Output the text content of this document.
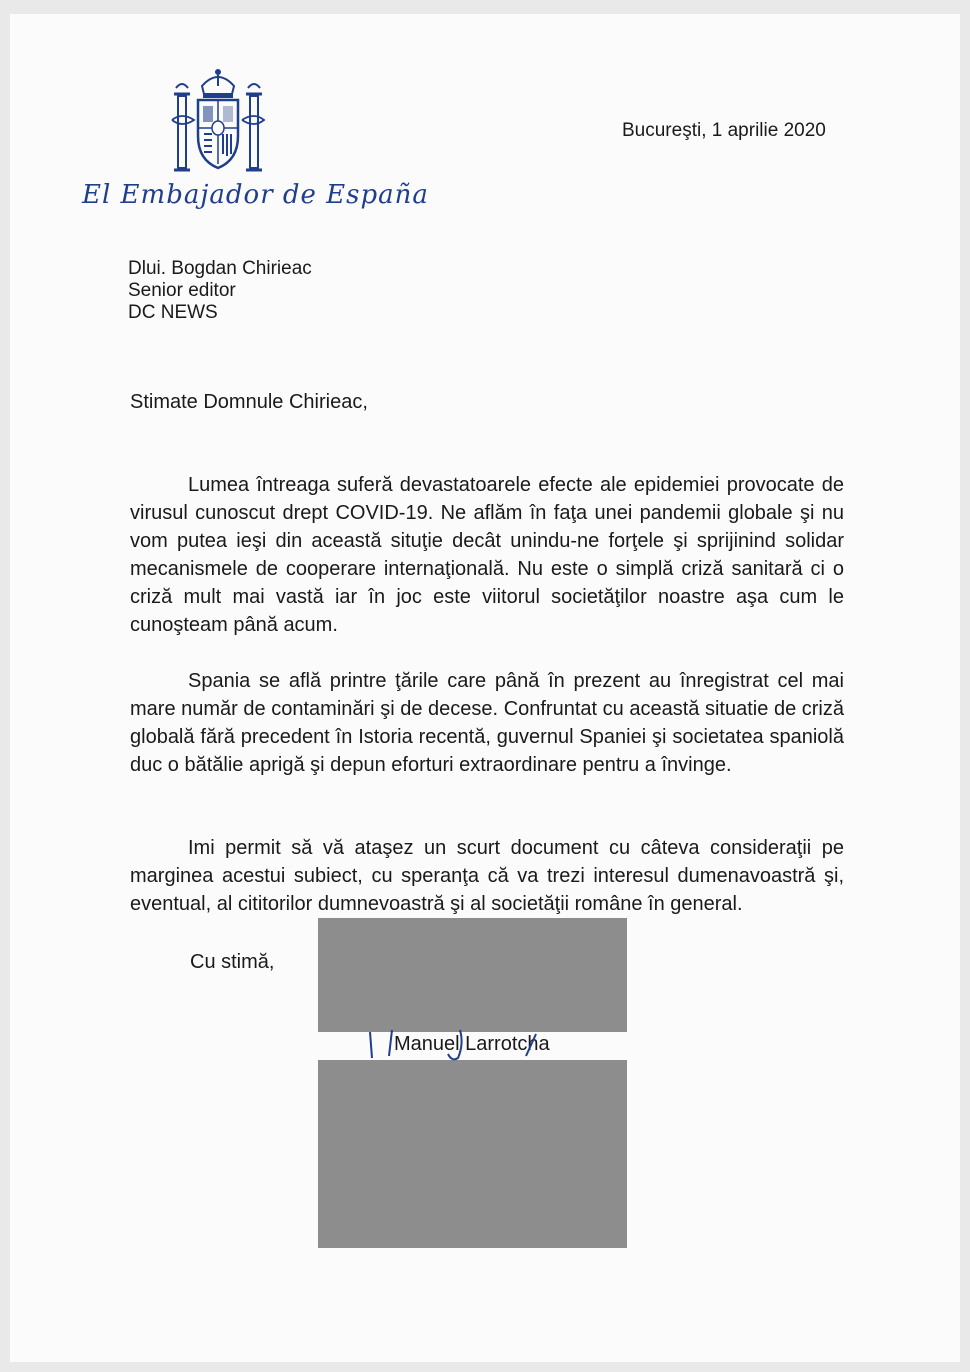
El Embajador de España
Bucureşti, 1 aprilie 2020
Dlui. Bogdan Chirieac
Senior editor
DC NEWS
Stimate Domnule Chirieac,
Lumea întreaga suferă devastatoarele efecte ale epidemiei provocate de virusul cunoscut drept COVID-19. Ne aflăm în faţa unei pandemii globale şi nu vom putea ieşi din această situţie decât unindu-ne forţele şi sprijinind solidar mecanismele de cooperare internaţională. Nu este o simplă criză sanitară ci o criză mult mai vastă iar în joc este viitorul societăţilor noastre aşa cum le cunoşteam până acum.
Spania se află printre ţările care până în prezent au înregistrat cel mai mare număr de contaminări şi de decese. Confruntat cu această situatie de criză globală fără precedent în Istoria recentă, guvernul Spaniei şi societatea spaniolă duc o bătălie aprigă şi depun eforturi extraordinare pentru a învinge.
Imi permit să vă ataşez un scurt document cu câteva consideraţii pe marginea acestui subiect, cu speranţa că va trezi interesul dumenavoastră şi, eventual, al cititorilor dumnevoastră şi al societăţii române în general.
Cu stimă,
Manuel Larrotcha
